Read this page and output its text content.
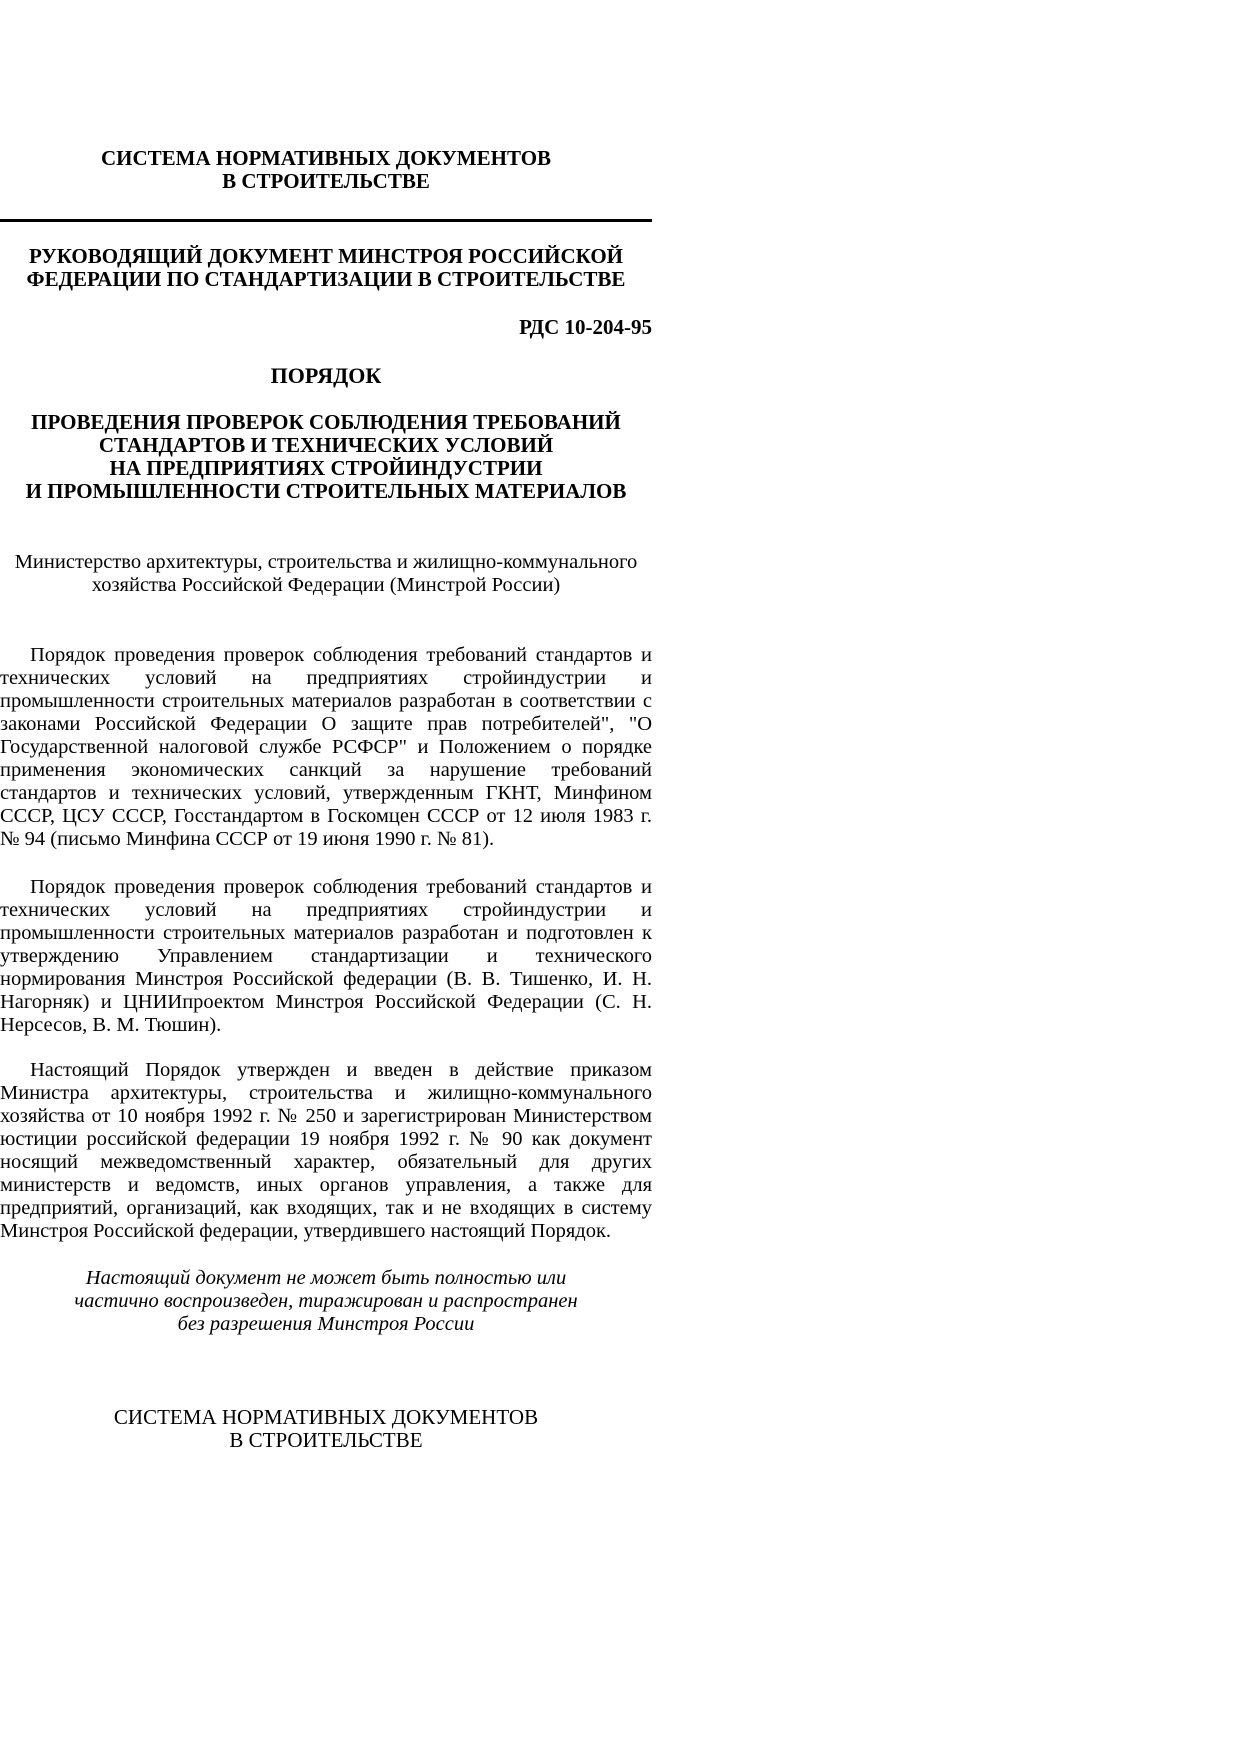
СИСТЕМА НОРМАТИВНЫХ ДОКУМЕНТОВ
В СТРОИТЕЛЬСТВЕ
РУКОВОДЯЩИЙ ДОКУМЕНТ МИНСТРОЯ РОССИЙСКОЙ
ФЕДЕРАЦИИ ПО СТАНДАРТИЗАЦИИ В СТРОИТЕЛЬСТВЕ
РДС 10-204-95
ПОРЯДОК
ПРОВЕДЕНИЯ ПРОВЕРОК СОБЛЮДЕНИЯ ТРЕБОВАНИЙ
СТАНДАРТОВ И ТЕХНИЧЕСКИХ УСЛОВИЙ
НА ПРЕДПРИЯТИЯХ СТРОЙИНДУСТРИИ
И ПРОМЫШЛЕННОСТИ СТРОИТЕЛЬНЫХ МАТЕРИАЛОВ
Министерство архитектуры, строительства и жилищно-коммунального
хозяйства Российской Федерации (Минстрой России)
Порядок проведения проверок соблюдения требований стандартов и
технических условий на предприятиях стройиндустрии и
промышленности строительных материалов разработан в соответствии с
законами Российской Федерации О защите прав потребителей", "О
Государственной налоговой службе РСФСР" и Положением о порядке
применения экономических санкций за нарушение требований
стандартов и технических условий, утвержденным ГКНТ, Минфином
СССР, ЦСУ СССР, Госстандартом в Госкомцен СССР от 12 июля 1983 г.
№ 94 (письмо Минфина СССР от 19 июня 1990 г. № 81).
Порядок проведения проверок соблюдения требований стандартов и
технических условий на предприятиях стройиндустрии и
промышленности строительных материалов разработан и подготовлен к
утверждению Управлением стандартизации и технического
нормирования Минстроя Российской федерации (В. В. Тишенко, И. Н.
Нагорняк) и ЦНИИпроектом Минстроя Российской Федерации (С. Н.
Нерсесов, В. М. Тюшин).
Настоящий Порядок утвержден и введен в действие приказом
Министра архитектуры, строительства и жилищно-коммунального
хозяйства от 10 ноября 1992 г. № 250 и зарегистрирован Министерством
юстиции российской федерации 19 ноября 1992 г. № 90 как документ
носящий межведомственный характер, обязательный для других
министерств и ведомств, иных органов управления, а также для
предприятий, организаций, как входящих, так и не входящих в систему
Минстроя Российской федерации, утвердившего настоящий Порядок.
Настоящий документ не может быть полностью или
частично воспроизведен, тиражирован и распространен
без разрешения Минстроя России
СИСТЕМА НОРМАТИВНЫХ ДОКУМЕНТОВ
В СТРОИТЕЛЬСТВЕ
